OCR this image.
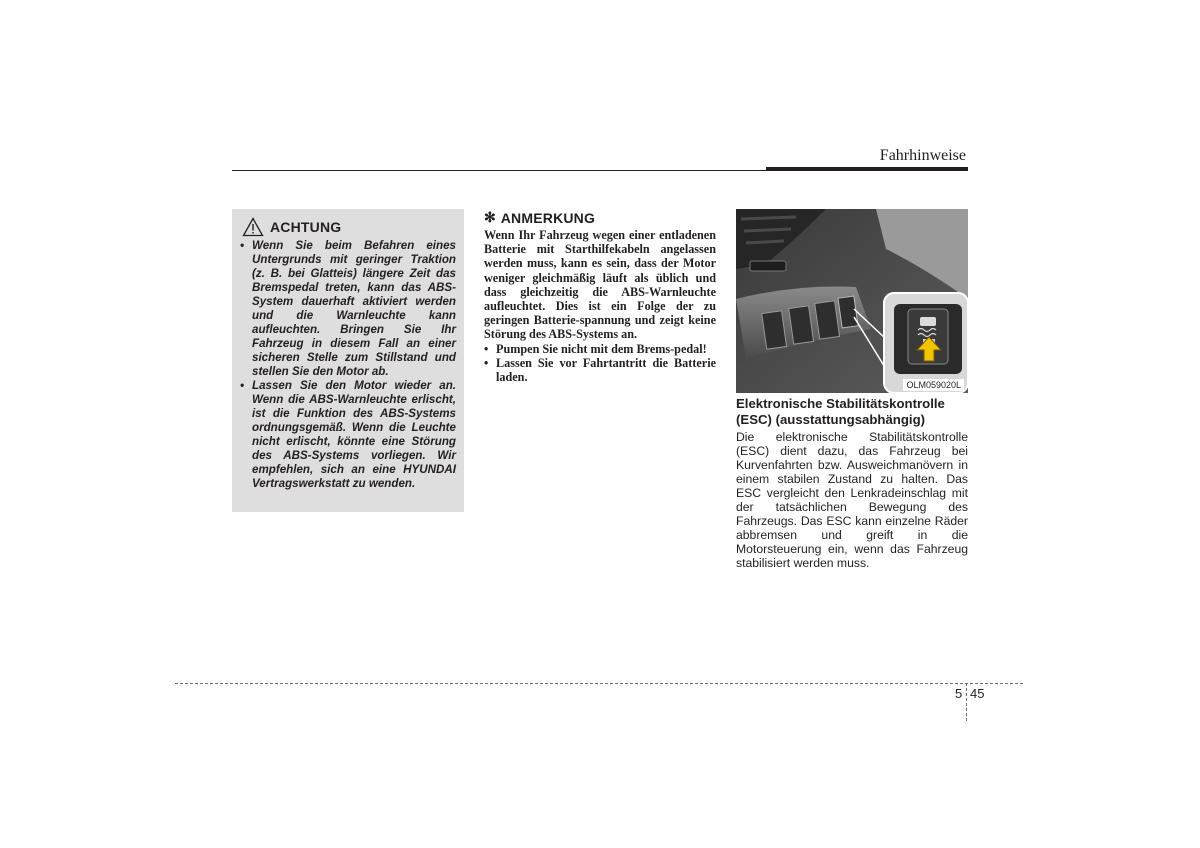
Fahrhinweise
ACHTUNG
• Wenn Sie beim Befahren eines Untergrunds mit geringer Traktion (z. B. bei Glatteis) längere Zeit das Bremspedal treten, kann das ABS-System dauerhaft aktiviert werden und die Warnleuchte kann aufleuchten. Bringen Sie Ihr Fahrzeug in diesem Fall an einer sicheren Stelle zum Stillstand und stellen Sie den Motor ab.
• Lassen Sie den Motor wieder an. Wenn die ABS-Warnleuchte erlischt, ist die Funktion des ABS-Systems ordnungsgemäß. Wenn die Leuchte nicht erlischt, könnte eine Störung des ABS-Systems vorliegen. Wir empfehlen, sich an eine HYUNDAI Vertragswerkstatt zu wenden.
✻ ANMERKUNG

Wenn Ihr Fahrzeug wegen einer entladenen Batterie mit Starthilfekabeln angelassen werden muss, kann es sein, dass der Motor weniger gleichmäßig läuft als üblich und dass gleichzeitig die ABS-Warnleuchte aufleuchtet. Dies ist ein Folge der zu geringen Batterie-spannung und zeigt keine Störung des ABS-Systems an.

• Pumpen Sie nicht mit dem Brems-pedal!
• Lassen Sie vor Fahrtantritt die Batterie laden.
OLM059020L
Elektronische Stabilitätskontrolle (ESC) (ausstattungsabhängig)

Die elektronische Stabilitätskontrolle (ESC) dient dazu, das Fahrzeug bei Kurvenfahrten bzw. Ausweichmanövern in einem stabilen Zustand zu halten. Das ESC vergleicht den Lenkradeinschlag mit der tatsächlichen Bewegung des Fahrzeugs. Das ESC kann einzelne Räder abbremsen und greift in die Motorsteuerung ein, wenn das Fahrzeug stabilisiert werden muss.

5 45
